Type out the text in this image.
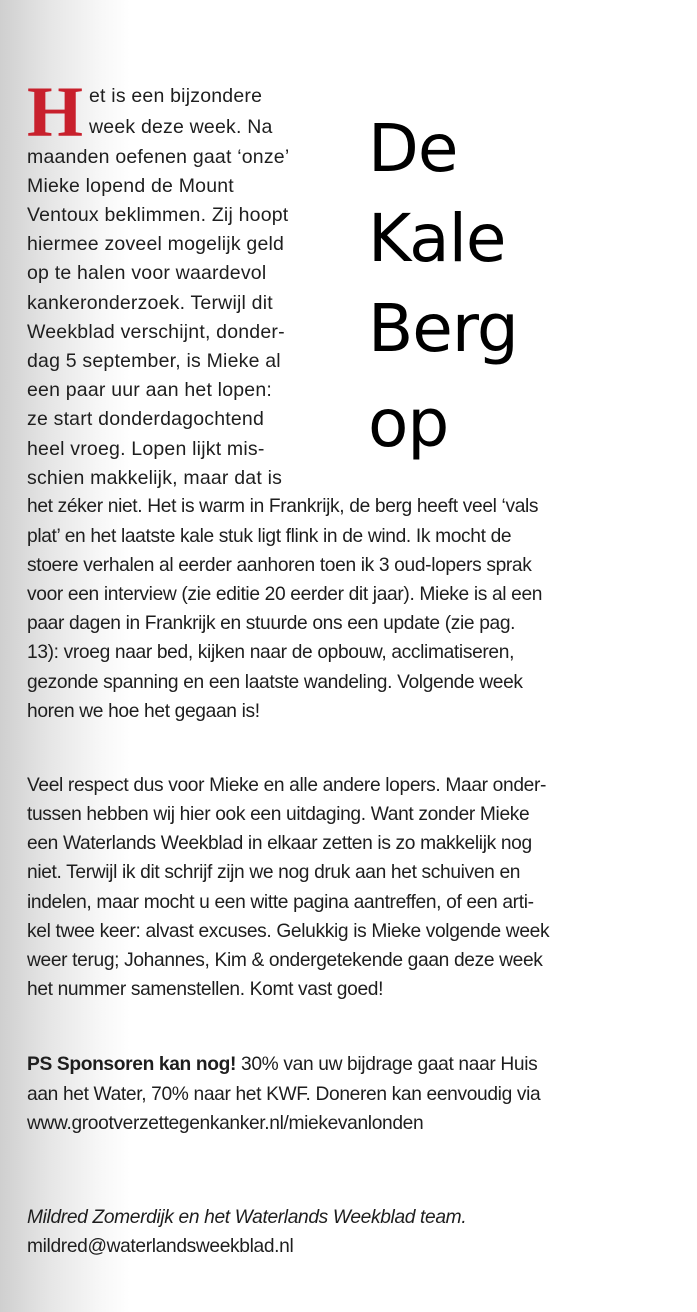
H	De
Kale
Berg
op
et is een bijzondere
week deze week. Na
maanden oefenen gaat ‘onze’
Mieke lopend de Mount
Ventoux beklimmen. Zij hoopt
hiermee zoveel mogelijk geld
op te halen voor waardevol
kankeronderzoek. Terwijl dit
Weekblad verschijnt, donder-
dag 5 september, is Mieke al
een paar uur aan het lopen:
ze start donderdagochtend
heel vroeg. Lopen lijkt mis-
schien makkelijk, maar dat is
het zéker niet. Het is warm in Frankrijk, de berg heeft veel ‘vals
plat’ en het laatste kale stuk ligt flink in de wind. Ik mocht de
stoere verhalen al eerder aanhoren toen ik 3 oud-lopers sprak
voor een interview (zie editie 20 eerder dit jaar). Mieke is al een
paar dagen in Frankrijk en stuurde ons een update (zie pag.
13): vroeg naar bed, kijken naar de opbouw, acclimatiseren,
gezonde spanning en een laatste wandeling. Volgende week
horen we hoe het gegaan is!
Veel respect dus voor Mieke en alle andere lopers. Maar onder-
tussen hebben wij hier ook een uitdaging. Want zonder Mieke
een Waterlands Weekblad in elkaar zetten is zo makkelijk nog
niet. Terwijl ik dit schrijf zijn we nog druk aan het schuiven en
indelen, maar mocht u een witte pagina aantreffen, of een arti-
kel twee keer: alvast excuses. Gelukkig is Mieke volgende week
weer terug; Johannes, Kim & ondergetekende gaan deze week
het nummer samenstellen. Komt vast goed!
PS Sponsoren kan nog! 30% van uw bijdrage gaat naar Huis
aan het Water, 70% naar het KWF. Doneren kan eenvoudig via
www.grootverzettegenkanker.nl/miekevanlonden
Mildred Zomerdijk en het Waterlands Weekblad team.
mildred@waterlandsweekblad.nl
